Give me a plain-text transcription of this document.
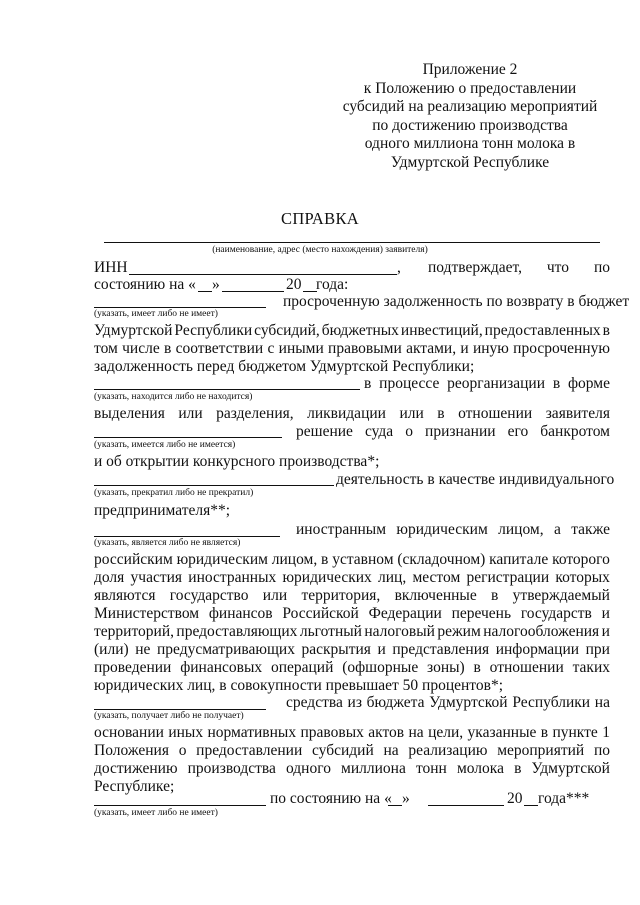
Приложение 2
к Положению о предоставлении
субсидий на реализацию мероприятий
по достижению производства
одного миллиона тонн молока в
Удмуртской Республике
СПРАВКА
(наименование, адрес (место нахождения) заявителя)
ИНН	, подтверждает, что по
состоянию на « »	20 года:
просроченную задолженность по возврату в бюджет
(указать, имеет либо не имеет)
Удмуртской Республики субсидий, бюджетных инвестиций, предоставленных в
том числе в соответствии с иными правовыми актами, и иную просроченную
задолженность перед бюджетом Удмуртской Республики;
в процессе реорганизации в форме
(указать, находится либо не находится)
выделения или разделения, ликвидации или в отношении заявителя
решение суда о признании его банкротом
(указать, имеется либо не имеется)
и об открытии конкурсного производства*;
деятельность в качестве индивидуального
(указать, прекратил либо не прекратил)
предпринимателя**;
иностранным юридическим лицом, а также
(указать, является либо не является)
российским юридическим лицом, в уставном (складочном) капитале которого
доля участия иностранных юридических лиц, местом регистрации которых
являются государство или территория, включенные в утверждаемый
Министерством финансов Российской Федерации перечень государств и
территорий, предоставляющих льготный налоговый режим налогообложения и
(или) не предусматривающих раскрытия и представления информации при
проведении финансовых операций (офшорные зоны) в отношении таких
юридических лиц, в совокупности превышает 50 процентов*;
средства из бюджета Удмуртской Республики на
(указать, получает либо не получает)
основании иных нормативных правовых актов на цели, указанные в пункте 1
Положения о предоставлении субсидий на реализацию мероприятий по
достижению производства одного миллиона тонн молока в Удмуртской
Республике;
по состоянию на « »	20 года***
(указать, имеет либо не имеет)
